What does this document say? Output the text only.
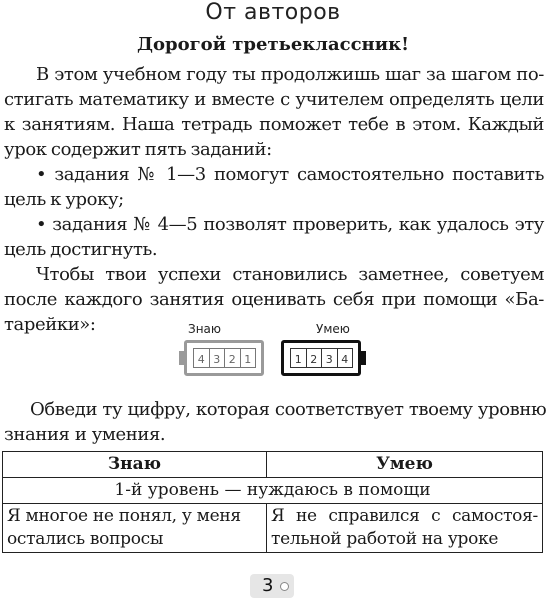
От авторов
Дорогой третьеклассник!
В этом учебном году ты продолжишь шаг за шагом по-
стигать математику и вместе с учителем определять цели
к занятиям. Наша тетрадь поможет тебе в этом. Каждый
урок содержит пять заданий:
• задания № 1—3 помогут самостоятельно поставить
цель к уроку;
• задания № 4—5 позволят проверить, как удалось эту
цель достигнуть.
Чтобы твои успехи становились заметнее, советуем
после каждого занятия оценивать себя при помощи «Ба-
тарейки»:	Знаю	Умею
4 3 2 1	1 2 3 4
Обведи ту цифру, которая соответствует твоему уровню
знания и умения.
Знаю	Умею
1-й уровень — нуждаюсь в помощи	

Я многое не понял, у меня
остались вопросы	Я не справился с самостоя-
тельной работой на уроке
3
